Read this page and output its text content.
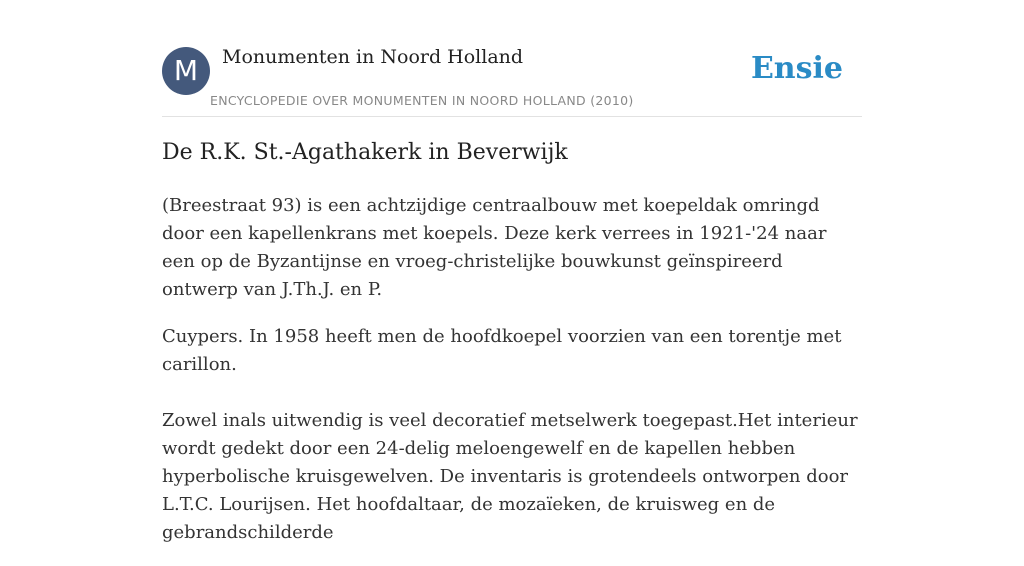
M	Monumenten in Noord Holland
ENCYCLOPEDIE OVER MONUMENTEN IN NOORD HOLLAND (2010)
Ensie
De R.K. St.-Agathakerk in Beverwijk

(Breestraat 93) is een achtzijdige centraalbouw met koepeldak omringd door een kapellenkrans met koepels. Deze kerk verrees in 1921-'24 naar een op de Byzantijnse en vroeg-christelijke bouwkunst geïnspireerd ontwerp van J.Th.J. en P.

Cuypers. In 1958 heeft men de hoofdkoepel voorzien van een torentje met carillon.

Zowel inals uitwendig is veel decoratief metselwerk toegepast.Het interieur wordt gedekt door een 24-delig meloengewelf en de kapellen hebben hyperbolische kruisgewelven. De inventaris is grotendeels ontworpen door L.T.C. Lourijsen. Het hoofdaltaar, de mozaïeken, de kruisweg en de gebrandschilderde
